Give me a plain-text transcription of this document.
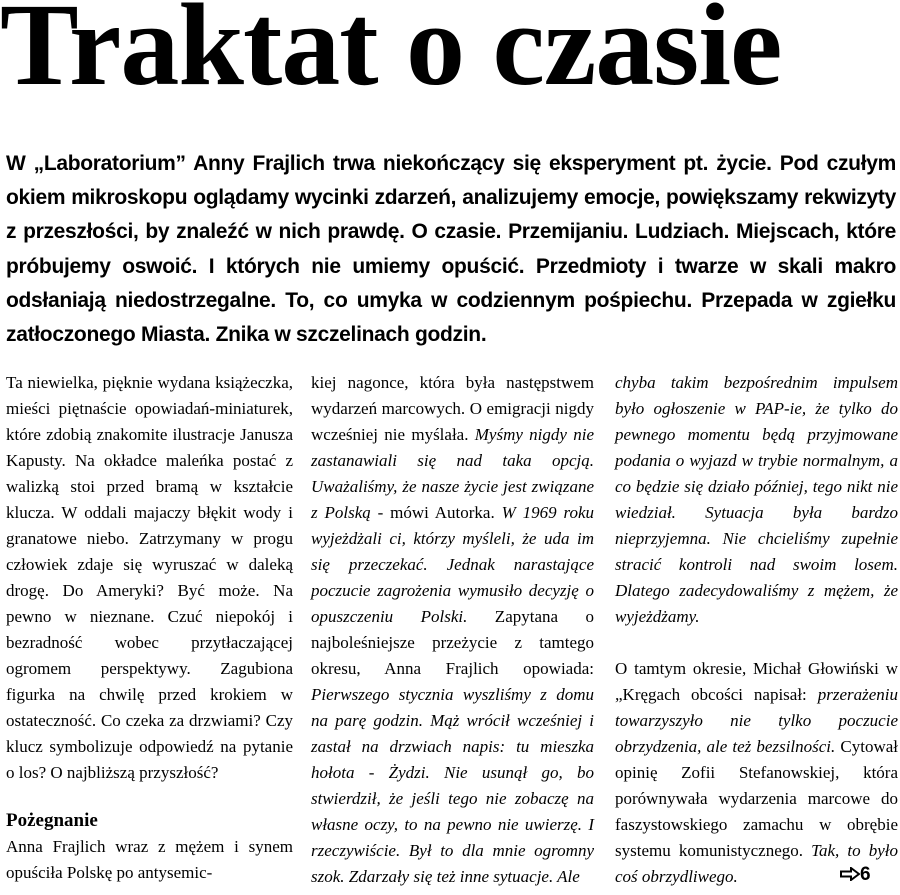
Traktat o czasie
W „Laboratorium” Anny Frajlich trwa niekończący się eksperyment pt. życie. Pod czułym okiem mikroskopu oglądamy wycinki zdarzeń, analizujemy emocje, powiększamy rekwizyty z przeszłości, by znaleźć w nich prawdę. O czasie. Przemijaniu. Ludziach. Miejscach, które próbujemy oswoić. I których nie umiemy opuścić. Przedmioty i twarze w skali makro odsłaniają niedostrzegalne. To, co umyka w codziennym pośpiechu. Przepada w zgiełku zatłoczonego Miasta. Znika w szczelinach godzin.

Ta niewielka, pięknie wydana książeczka, mieści piętnaście opowiadań-miniaturek, które zdobią znakomite ilustracje Janusza Kapusty. Na okładce maleńka postać z walizką stoi przed bramą w kształcie klucza. W oddali majaczy błękit wody i granatowe niebo. Zatrzymany w progu człowiek zdaje się wyruszać w daleką drogę. Do Ameryki? Być może. Na pewno w nieznane. Czuć niepokój i bezradność wobec przytłaczającej ogromem perspektywy. Zagubiona figurka na chwilę przed krokiem w ostateczność. Co czeka za drzwiami? Czy klucz symbolizuje odpowiedź na pytanie o los? O najbliższą przyszłość?

Pożegnanie

Anna Frajlich wraz z mężem i synem opuściła Polskę po antysemic-

kiej nagonce, która była następstwem wydarzeń marcowych. O emigracji nigdy wcześniej nie myślała. Myśmy nigdy nie zastanawiali się nad taka opcją. Uważaliśmy, że nasze życie jest związane z Polską - mówi Autorka. W 1969 roku wyjeżdżali ci, którzy myśleli, że uda im się przeczekać. Jednak narastające poczucie zagrożenia wymusiło decyzję o opuszczeniu Polski. Zapytana o najboleśniejsze przeżycie z tamtego okresu, Anna Frajlich opowiada: Pierwszego stycznia wyszliśmy z domu na parę godzin. Mąż wrócił wcześniej i zastał na drzwiach napis: tu mieszka hołota - Żydzi. Nie usunął go, bo stwierdził, że jeśli tego nie zobaczę na własne oczy, to na pewno nie uwierzę. I rzeczywiście. Był to dla mnie ogromny szok. Zdarzały się też inne sytuacje. Ale

chyba takim bezpośrednim impulsem było ogłoszenie w PAP-ie, że tylko do pewnego momentu będą przyjmowane podania o wyjazd w trybie normalnym, a co będzie się działo później, tego nikt nie wiedział. Sytuacja była bardzo nieprzyjemna. Nie chcieliśmy zupełnie stracić kontroli nad swoim losem. Dlatego zadecydowaliśmy z mężem, że wyjeżdżamy.

O tamtym okresie, Michał Głowiński w „Kręgach obcości napisał: przerażeniu towarzyszyło nie tylko poczucie obrzydzenia, ale też bezsilności. Cytował opinię Zofii Stefanowskiej, która porównywała wydarzenia marcowe do faszystowskiego zamachu w obrębie systemu komunistycznego. Tak, to było coś obrzydliwego.	6
